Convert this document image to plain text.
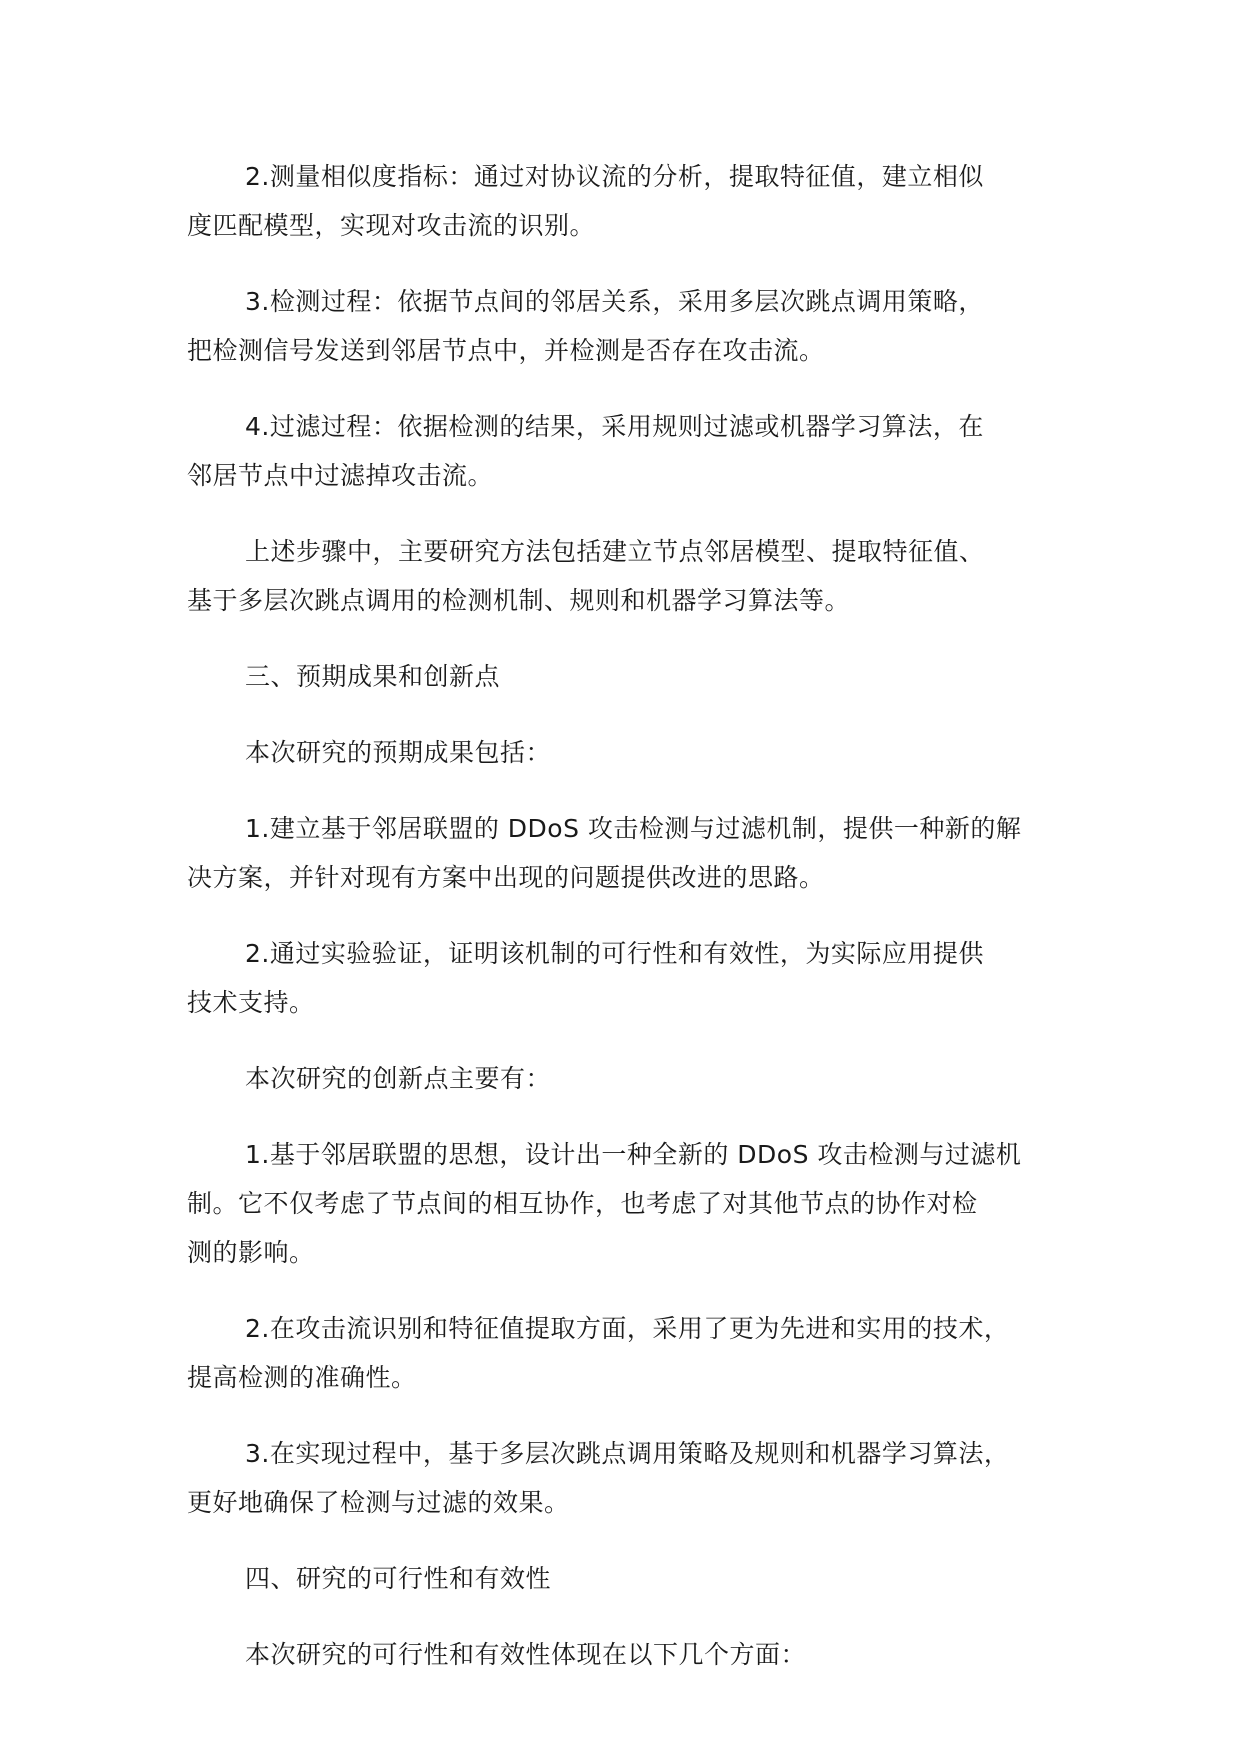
2.测量相似度指标：通过对协议流的分析，提取特征值，建立相似
度匹配模型，实现对攻击流的识别。

3.检测过程：依据节点间的邻居关系，采用多层次跳点调用策略，
把检测信号发送到邻居节点中，并检测是否存在攻击流。

4.过滤过程：依据检测的结果，采用规则过滤或机器学习算法，在
邻居节点中过滤掉攻击流。

上述步骤中，主要研究方法包括建立节点邻居模型、提取特征值、
基于多层次跳点调用的检测机制、规则和机器学习算法等。

三、预期成果和创新点

本次研究的预期成果包括：

1.建立基于邻居联盟的 DDoS 攻击检测与过滤机制，提供一种新的解
决方案，并针对现有方案中出现的问题提供改进的思路。

2.通过实验验证，证明该机制的可行性和有效性，为实际应用提供
技术支持。

本次研究的创新点主要有：

1.基于邻居联盟的思想，设计出一种全新的 DDoS 攻击检测与过滤机
制。它不仅考虑了节点间的相互协作，也考虑了对其他节点的协作对检
测的影响。

2.在攻击流识别和特征值提取方面，采用了更为先进和实用的技术，
提高检测的准确性。

3.在实现过程中，基于多层次跳点调用策略及规则和机器学习算法，
更好地确保了检测与过滤的效果。

四、研究的可行性和有效性

本次研究的可行性和有效性体现在以下几个方面：
